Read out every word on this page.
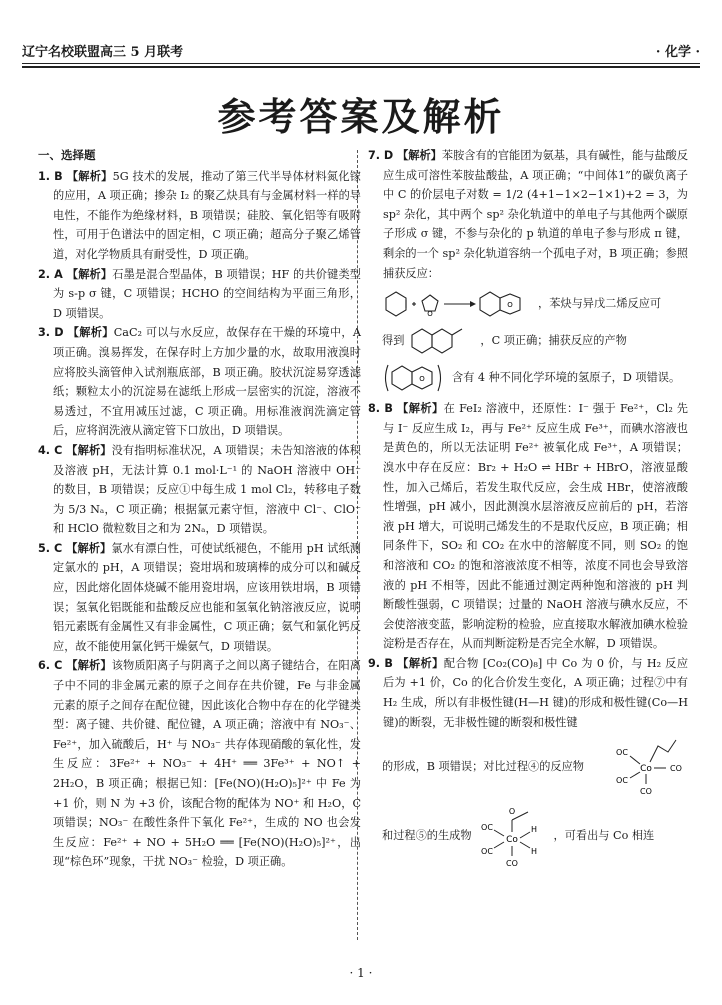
辽宁名校联盟高三 5 月联考	· 化学 ·
参考答案及解析
一、选择题
1. B 【解析】5G 技术的发展，推动了第三代半导体材料氮化镓的应用，A 项正确；掺杂 I₂ 的聚乙炔具有与金属材料一样的导电性，不能作为绝缘材料，B 项错误；硅胶、氧化铝等有吸附性，可用于色谱法中的固定相，C 项正确；超高分子聚乙烯管道，对化学物质具有耐受性，D 项正确。
2. A 【解析】石墨是混合型晶体，B 项错误；HF 的共价键类型为 s-p σ 键，C 项错误；HCHO 的空间结构为平面三角形，D 项错误。
3. D 【解析】CaC₂ 可以与水反应，故保存在干燥的环境中，A 项正确。溴易挥发，在保存时上方加少量的水，故取用液溴时应将胶头滴管伸入试剂瓶底部，B 项正确。胶状沉淀易穿透滤纸；颗粒太小的沉淀易在滤纸上形成一层密实的沉淀，溶液不易透过，不宜用减压过滤，C 项正确。用标准液润洗滴定管后，应将润洗液从滴定管下口放出，D 项错误。
4. C 【解析】没有指明标准状况，A 项错误；未告知溶液的体积及溶液 pH，无法计算 0.1 mol·L⁻¹ 的 NaOH 溶液中 OH⁻ 的数目，B 项错误；反应①中每生成 1 mol Cl₂，转移电子数为 5/3 Nₐ，C 项正确；根据氯元素守恒，溶液中 Cl⁻、ClO⁻ 和 HClO 微粒数目之和为 2Nₐ，D 项错误。
5. C 【解析】氯水有漂白性，可使试纸褪色，不能用 pH 试纸测定氯水的 pH，A 项错误；瓷坩埚和玻璃棒的成分可以和碱反应，因此熔化固体烧碱不能用瓷坩埚，应该用铁坩埚，B 项错误；氢氧化铝既能和盐酸反应也能和氢氧化钠溶液反应，说明铝元素既有金属性又有非金属性，C 项正确；氨气和氯化钙反应，故不能使用氯化钙干燥氨气，D 项错误。
6. C 【解析】该物质阳离子与阴离子之间以离子键结合，在阳离子中不同的非金属元素的原子之间存在共价键，Fe 与非金属元素的原子之间存在配位键，因此该化合物中存在的化学键类型：离子键、共价键、配位键，A 项正确；溶液中有 NO₃⁻、Fe²⁺，加入硫酸后，H⁺ 与 NO₃⁻ 共存体现硝酸的氧化性，发生反应：3Fe²⁺ + NO₃⁻ + 4H⁺ ══ 3Fe³⁺ + NO↑ + 2H₂O，B 项正确；根据已知：[Fe(NO)(H₂O)₅]²⁺ 中 Fe 为 +1 价，则 N 为 +3 价，该配合物的配体为 NO⁺ 和 H₂O，C 项错误；NO₃⁻ 在酸性条件下氧化 Fe²⁺，生成的 NO 也会发生反应：Fe²⁺ + NO + 5H₂O ══ [Fe(NO)(H₂O)₅]²⁺，出现“棕色环”现象，干扰 NO₃⁻ 检验，D 项正确。
7. D 【解析】苯胺含有的官能团为氨基，具有碱性，能与盐酸反应生成可溶性苯胺盐酸盐，A 项正确；“中间体1”的碳负离子中 C 的价层电子对数 = 1/2 (4+1−1×2−1×1)+2 = 3，为 sp² 杂化，其中两个 sp² 杂化轨道中的单电子与其他两个碳原子形成 σ 键，不参与杂化的 p 轨道的单电子参与形成 π 键，剩余的一个 sp² 杂化轨道容纳一个孤电子对，B 项正确；参照捕获反应：
O
O ，苯炔与异戊二烯反应可
得到	，C 项正确；捕获反应的产物
O 含有 4 种不同化学环境的氢原子，D 项错误。
8. B 【解析】在 FeI₂ 溶液中，还原性：I⁻ 强于 Fe²⁺，Cl₂ 先与 I⁻ 反应生成 I₂，再与 Fe²⁺ 反应生成 Fe³⁺，而碘水溶液也是黄色的，所以无法证明 Fe²⁺ 被氧化成 Fe³⁺，A 项错误；溴水中存在反应：Br₂ + H₂O ⇌ HBr + HBrO，溶液显酸性，加入己烯后，若发生取代反应，会生成 HBr，使溶液酸性增强，pH 减小，因此测溴水层溶液反应前后的 pH，若溶液 pH 增大，可说明己烯发生的不是取代反应，B 项正确；相同条件下，SO₂ 和 CO₂ 在水中的溶解度不同，则 SO₂ 的饱和溶液和 CO₂ 的饱和溶液浓度不相等，浓度不同也会导致溶液的 pH 不相等，因此不能通过测定两种饱和溶液的 pH 判断酸性强弱，C 项错误；过量的 NaOH 溶液与碘水反应，不会使溶液变蓝，影响淀粉的检验，应直接取水解液加碘水检验淀粉是否存在，从而判断淀粉是否完全水解，D 项错误。
9. B 【解析】配合物 [Co₂(CO)₈] 中 Co 为 0 价，与 H₂ 反应后为 +1 价，Co 的化合价发生变化，A 项正确；过程⑦中有 H₂ 生成，所以有非极性键(H—H 键)的形成和极性键(Co—H 键)的断裂，无非极性键的断裂和极性键
的形成，B 项错误；对比过程④的反应物	Co CO
OC
OC
CO
和过程⑤的生成物	Co
O
H
H
OC
OC
CO
，可看出与 Co 相连
· 1 ·
